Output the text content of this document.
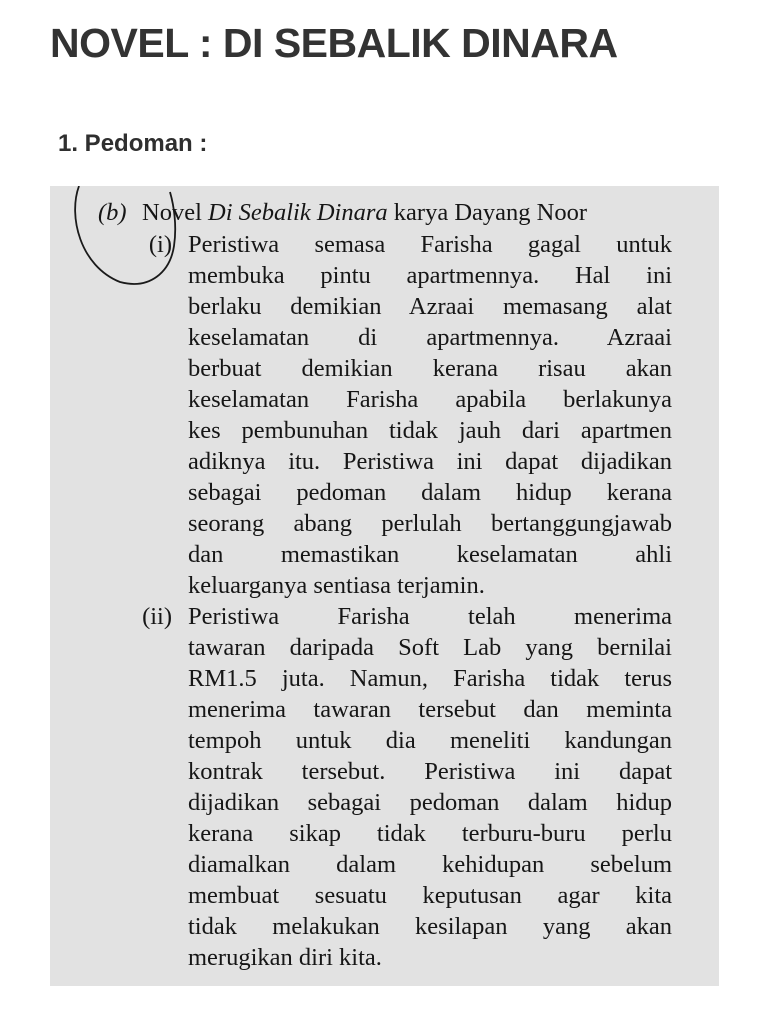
NOVEL : DI SEBALIK DINARA
1. Pedoman :
(b) Novel Di Sebalik Dinara karya Dayang Noor
(i) Peristiwa semasa Farisha gagal untuk
membuka pintu apartmennya. Hal ini
berlaku demikian Azraai memasang alat
keselamatan di apartmennya. Azraai
berbuat demikian kerana risau akan
keselamatan Farisha apabila berlakunya
kes pembunuhan tidak jauh dari apartmen
adiknya itu. Peristiwa ini dapat dijadikan
sebagai pedoman dalam hidup kerana
seorang abang perlulah bertanggungjawab
dan memastikan keselamatan ahli
keluarganya sentiasa terjamin.
(ii) Peristiwa Farisha telah menerima
tawaran daripada Soft Lab yang bernilai
RM1.5 juta. Namun, Farisha tidak terus
menerima tawaran tersebut dan meminta
tempoh untuk dia meneliti kandungan
kontrak tersebut. Peristiwa ini dapat
dijadikan sebagai pedoman dalam hidup
kerana sikap tidak terburu-buru perlu
diamalkan dalam kehidupan sebelum
membuat sesuatu keputusan agar kita
tidak melakukan kesilapan yang akan
merugikan diri kita.
